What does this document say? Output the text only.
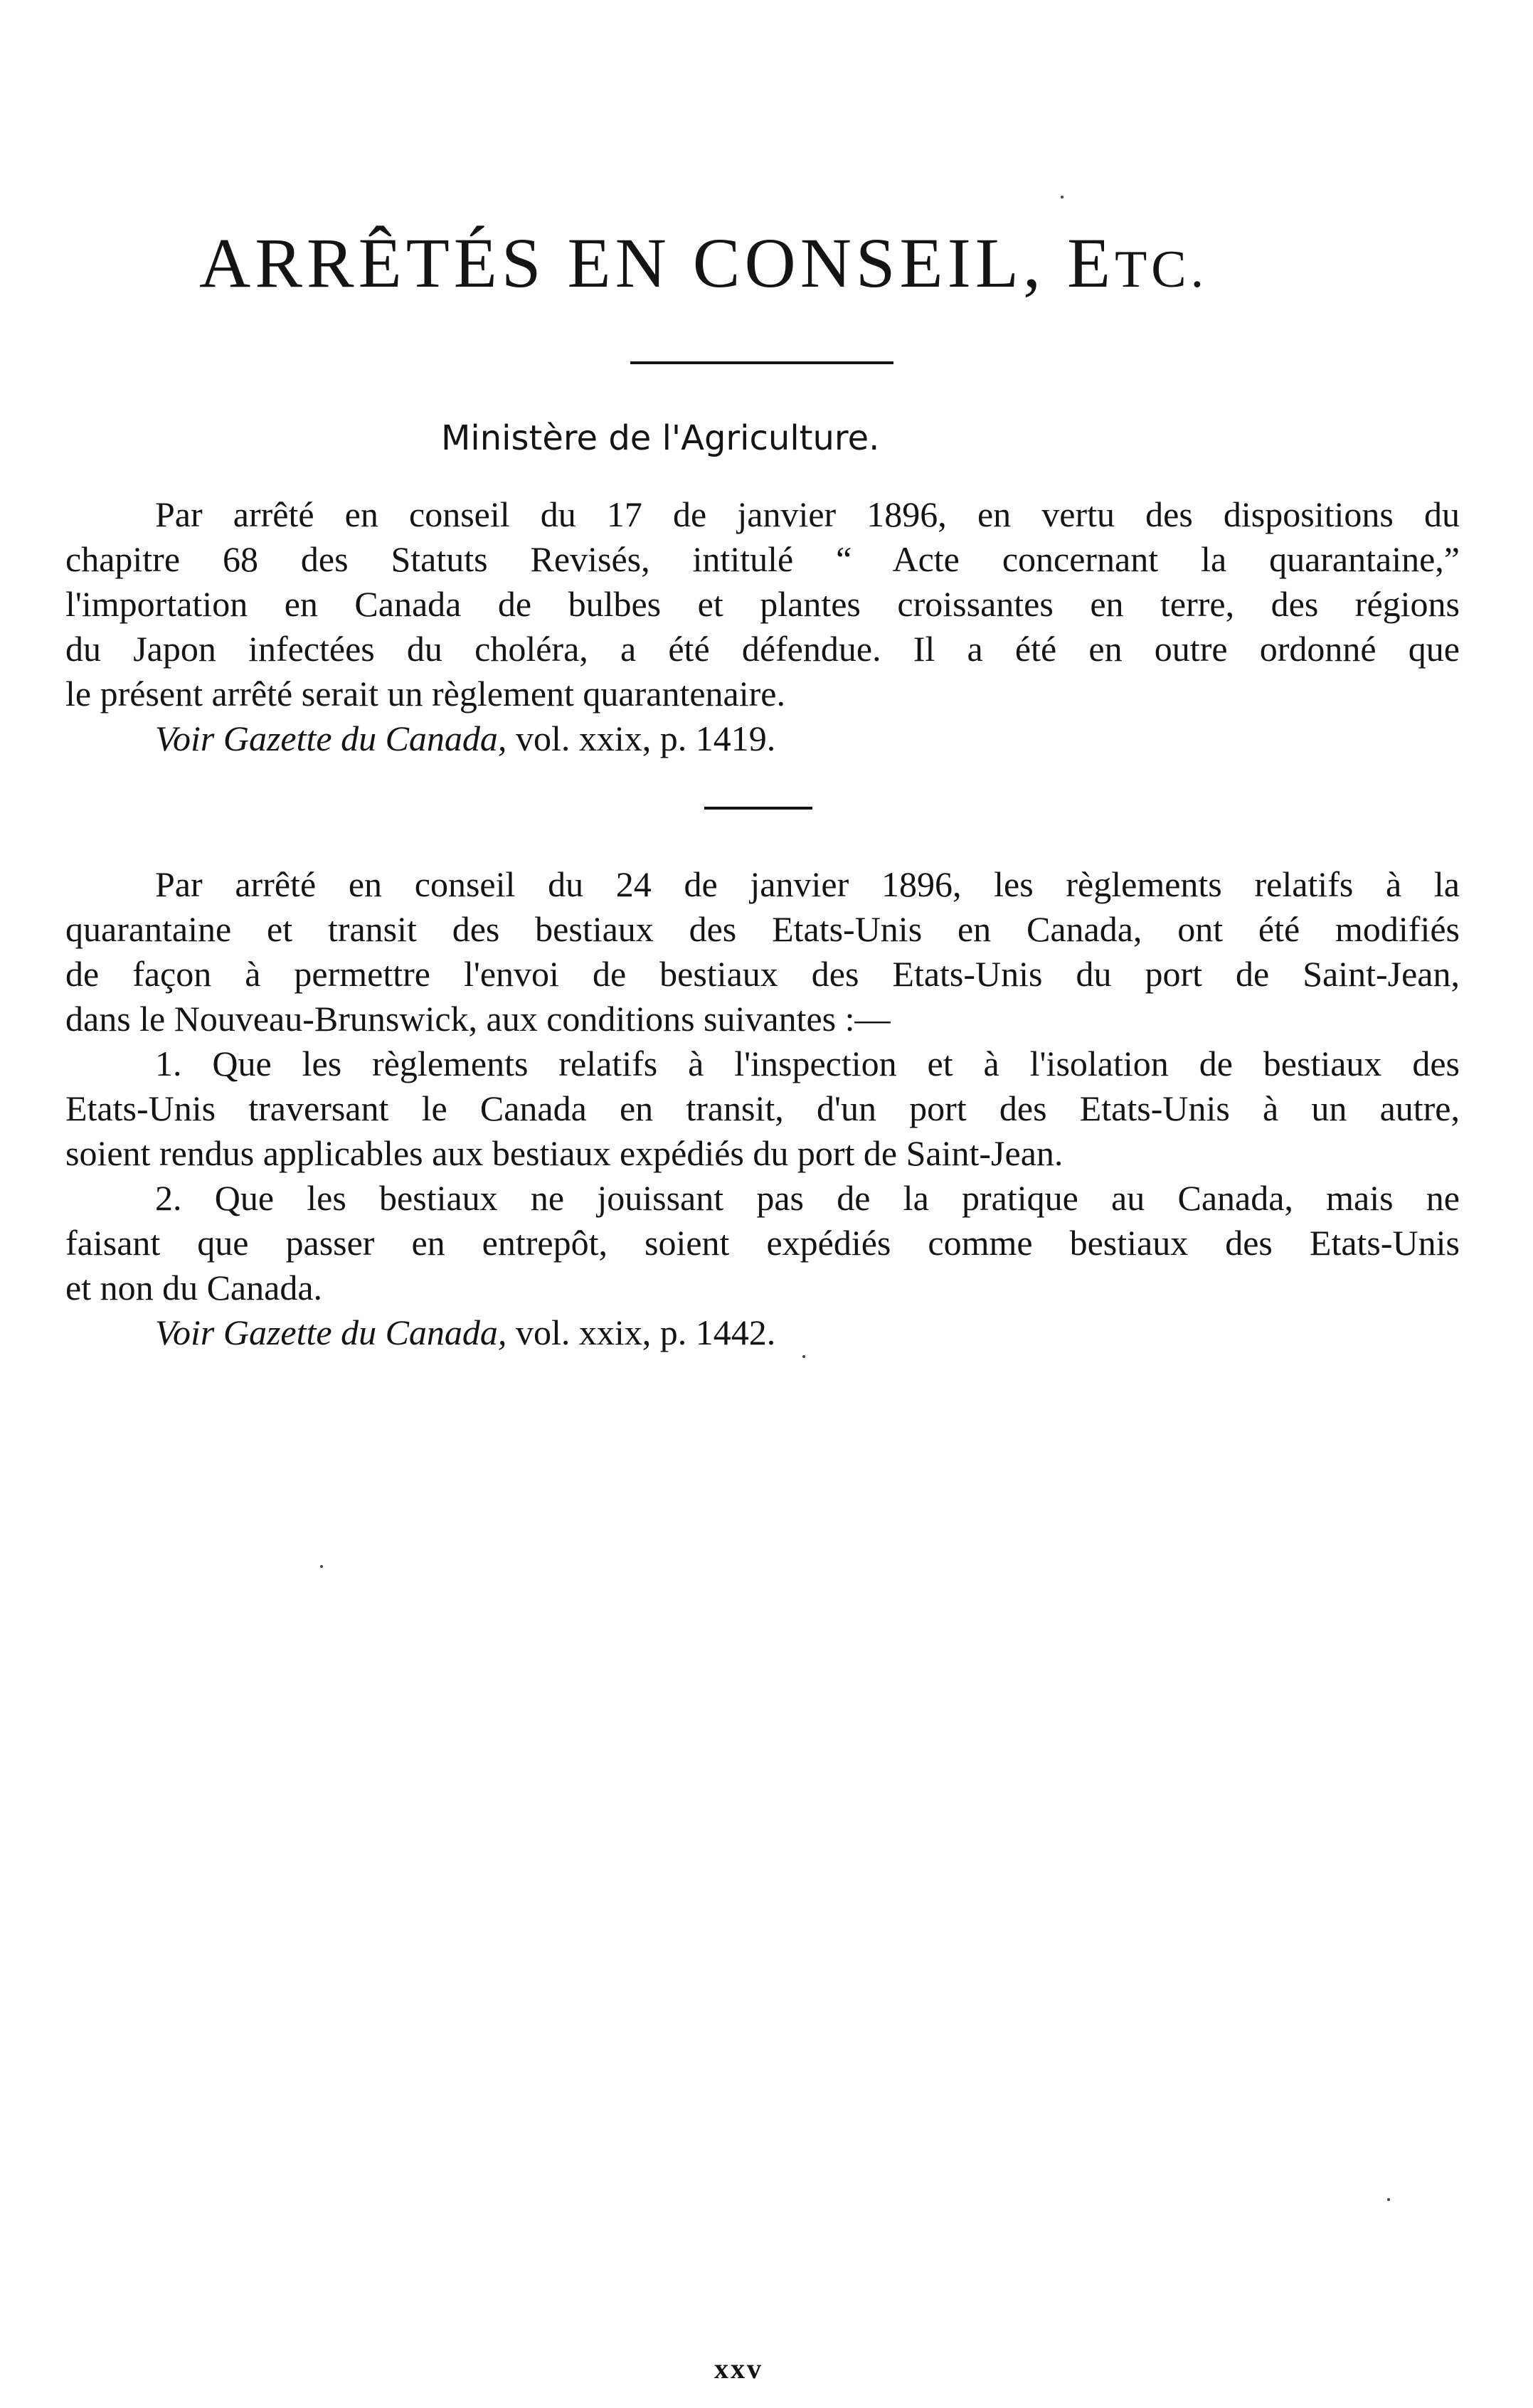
ARRÊTÉS EN CONSEIL, ETC.
Ministère de l'Agriculture.
Par arrêté en conseil du 17 de janvier 1896, en vertu des dispositions du
chapitre 68 des Statuts Revisés, intitulé “ Acte concernant la quarantaine,”
l'importation en Canada de bulbes et plantes croissantes en terre, des régions
du Japon infectées du choléra, a été défendue. Il a été en outre ordonné que
le présent arrêté serait un règlement quarantenaire.
Voir Gazette du Canada, vol. xxix, p. 1419.
Par arrêté en conseil du 24 de janvier 1896, les règlements relatifs à la
quarantaine et transit des bestiaux des Etats-Unis en Canada, ont été modifiés
de façon à permettre l'envoi de bestiaux des Etats-Unis du port de Saint-Jean,
dans le Nouveau-Brunswick, aux conditions suivantes :—
1. Que les règlements relatifs à l'inspection et à l'isolation de bestiaux des
Etats-Unis traversant le Canada en transit, d'un port des Etats-Unis à un autre,
soient rendus applicables aux bestiaux expédiés du port de Saint-Jean.
2. Que les bestiaux ne jouissant pas de la pratique au Canada, mais ne
faisant que passer en entrepôt, soient expédiés comme bestiaux des Etats-Unis
et non du Canada.
Voir Gazette du Canada, vol. xxix, p. 1442.

xxv
